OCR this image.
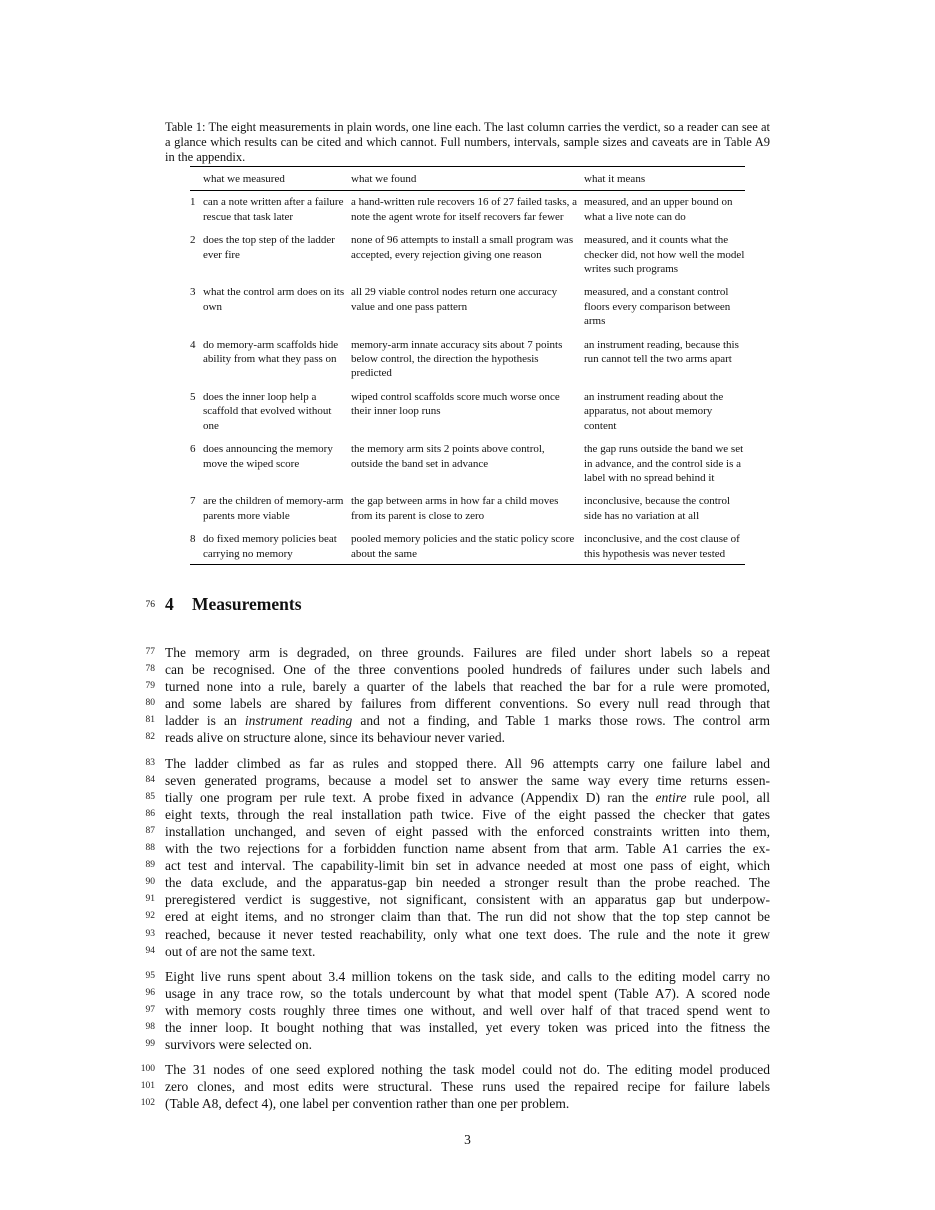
Table 1: The eight measurements in plain words, one line each. The last column carries the verdict, so a reader can see at a glance which results can be cited and which cannot. Full numbers, intervals, sample sizes and caveats are in Table A9 in the appendix.
	what we measured	what we found	what it means
1	can a note written after a failure rescue that task later	a hand-written rule recovers 16 of 27 failed tasks, a note the agent wrote for itself recovers far fewer	measured, and an upper bound on what a live note can do
2	does the top step of the ladder ever fire	none of 96 attempts to install a small program was accepted, every rejection giving one reason	measured, and it counts what the checker did, not how well the model writes such programs
3	what the control arm does on its own	all 29 viable control nodes return one accuracy value and one pass pattern	measured, and a constant control floors every comparison between arms
4	do memory-arm scaffolds hide ability from what they pass on	memory-arm innate accuracy sits about 7 points below control, the direction the hypothesis predicted	an instrument reading, because this run cannot tell the two arms apart
5	does the inner loop help a scaffold that evolved without one	wiped control scaffolds score much worse once their inner loop runs	an instrument reading about the apparatus, not about memory content
6	does announcing the memory move the wiped score	the memory arm sits 2 points above control, outside the band set in advance	the gap runs outside the band we set in advance, and the control side is a label with no spread behind it
7	are the children of memory-arm parents more viable	the gap between arms in how far a child moves from its parent is close to zero	inconclusive, because the control side has no variation at all
8	do fixed memory policies beat carrying no memory	pooled memory policies and the static policy score about the same	inconclusive, and the cost clause of this hypothesis was never tested
76 4 Measurements
77 The memory arm is degraded, on three grounds. Failures are filed under short labels so a repeat
78 can be recognised. One of the three conventions pooled hundreds of failures under such labels and
79 turned none into a rule, barely a quarter of the labels that reached the bar for a rule were promoted,
80 and some labels are shared by failures from different conventions. So every null read through that
81 ladder is an instrument reading and not a finding, and Table 1 marks those rows. The control arm
82 reads alive on structure alone, since its behaviour never varied.
83 The ladder climbed as far as rules and stopped there. All 96 attempts carry one failure label and
84 seven generated programs, because a model set to answer the same way every time returns essen-
85 tially one program per rule text. A probe fixed in advance (Appendix D) ran the entire rule pool, all
86 eight texts, through the real installation path twice. Five of the eight passed the checker that gates
87 installation unchanged, and seven of eight passed with the enforced constraints written into them,
88 with the two rejections for a forbidden function name absent from that arm. Table A1 carries the ex-
89 act test and interval. The capability-limit bin set in advance needed at most one pass of eight, which
90 the data exclude, and the apparatus-gap bin needed a stronger result than the probe reached. The
91 preregistered verdict is suggestive, not significant, consistent with an apparatus gap but underpow-
92 ered at eight items, and no stronger claim than that. The run did not show that the top step cannot be
93 reached, because it never tested reachability, only what one text does. The rule and the note it grew
94 out of are not the same text.
95 Eight live runs spent about 3.4 million tokens on the task side, and calls to the editing model carry no
96 usage in any trace row, so the totals undercount by what that model spent (Table A7). A scored node
97 with memory costs roughly three times one without, and well over half of that traced spend went to
98 the inner loop. It bought nothing that was installed, yet every token was priced into the fitness the
99 survivors were selected on.
100 The 31 nodes of one seed explored nothing the task model could not do. The editing model produced
101 zero clones, and most edits were structural. These runs used the repaired recipe for failure labels
102 (Table A8, defect 4), one label per convention rather than one per problem.
3
